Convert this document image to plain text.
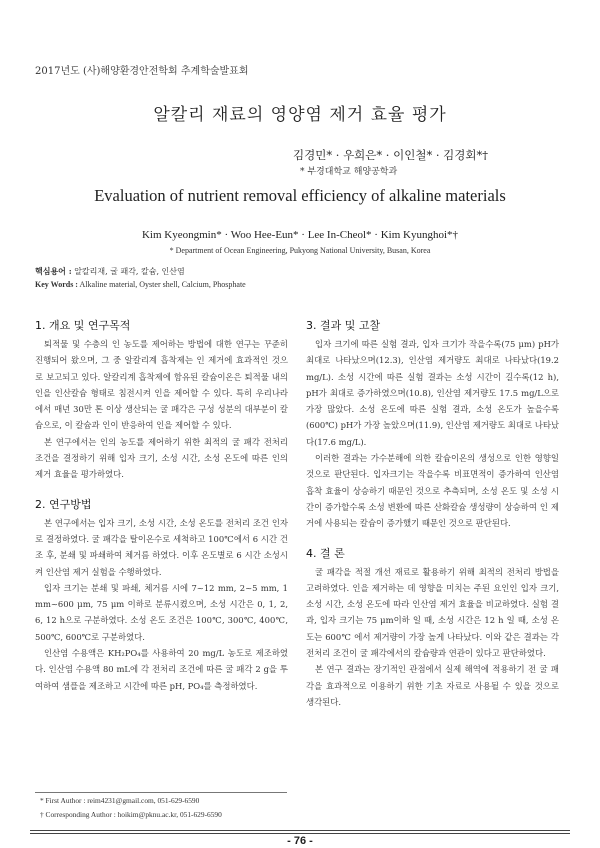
2017년도 (사)해양환경안전학회 추계학술발표회
알칼리 재료의 영양염 제거 효율 평가
김경민* · 우희은* · 이인철* · 김경회*†
* 부경대학교 해양공학과
Evaluation of nutrient removal efficiency of alkaline materials
Kim Kyeongmin* · Woo Hee-Eun* · Lee In-Cheol* · Kim Kyunghoi*†
* Department of Ocean Engineering, Pukyong National University, Busan, Korea
핵심용어 : 알칼리재, 굴 패각, 칼슘, 인산염
Key Words : Alkaline material, Oyster shell, Calcium, Phosphate
1. 개요 및 연구목적

퇴적물 및 수층의 인 농도를 제어하는 방법에 대한 연구는 꾸준히 진행되어 왔으며, 그 중 알칼리계 흡착제는 인 제거에 효과적인 것으로 보고되고 있다. 알칼리계 흡착제에 함유된 칼슘이온은 퇴적물 내의 인을 인산칼슘 형태로 침전시켜 인을 제어할 수 있다. 특히 우리나라에서 매년 30만 톤 이상 생산되는 굴 패각은 구성 성분의 대부분이 칼슘으로, 이 칼슘과 인이 반응하여 인을 제어할 수 있다.

본 연구에서는 인의 농도를 제어하기 위한 최적의 굴 패각 전처리 조건을 결정하기 위해 입자 크기, 소성 시간, 소성 온도에 따른 인의 제거 효율을 평가하였다.

2. 연구방법

본 연구에서는 입자 크기, 소성 시간, 소성 온도를 전처리 조건 인자로 결정하였다. 굴 패각을 탈이온수로 세척하고 100℃에서 6 시간 건조 후, 분쇄 및 파쇄하여 체거름 하였다. 이후 온도별로 6 시간 소성시켜 인산염 제거 실험을 수행하였다.

입자 크기는 분쇄 및 파쇄, 체거름 시에 7~12 mm, 2~5 mm, 1 mm~600 μm, 75 μm 이하로 분류시켰으며, 소성 시간은 0, 1, 2, 6, 12 h으로 구분하였다. 소성 온도 조건은 100℃, 300℃, 400℃, 500℃, 600℃로 구분하였다.

인산염 수용액은 KH₂PO₄를 사용하여 20 mg/L 농도로 제조하였다. 인산염 수용액 80 mL에 각 전처리 조건에 따른 굴 패각 2 g을 투여하여 샘플을 제조하고 시간에 따른 pH, PO₄를 측정하였다.

3. 결과 및 고찰

입자 크기에 따른 실험 결과, 입자 크기가 작을수록(75 μm) pH가 최대로 나타났으며(12.3), 인산염 제거량도 최대로 나타났다(19.2 mg/L). 소성 시간에 따른 실험 결과는 소성 시간이 길수록(12 h), pH가 최대로 증가하였으며(10.8), 인산염 제거량도 17.5 mg/L으로 가장 많았다. 소성 온도에 따른 실험 결과, 소성 온도가 높을수록(600℃) pH가 가장 높았으며(11.9), 인산염 제거량도 최대로 나타났다(17.6 mg/L).

이러한 결과는 가수분해에 의한 칼슘이온의 생성으로 인한 영향일 것으로 판단된다. 입자크기는 작을수록 비표면적이 증가하여 인산염 흡착 효율이 상승하기 때문인 것으로 추측되며, 소성 온도 및 소성 시간이 증가할수록 소성 변환에 따른 산화칼슘 생성량이 상승하여 인 제거에 사용되는 칼슘이 증가했기 때문인 것으로 판단된다.

4. 결 론

굴 패각을 적절 개선 재료로 활용하기 위해 최적의 전처리 방법을 고려하였다. 인을 제거하는 데 영향을 미치는 주된 요인인 입자 크기, 소성 시간, 소성 온도에 따라 인산염 제거 효율을 비교하였다. 실험 결과, 입자 크기는 75 μm이하 일 때, 소성 시간은 12 h 일 때, 소성 온도는 600℃ 에서 제거량이 가장 높게 나타났다. 이와 같은 결과는 각 전처리 조건이 굴 패각에서의 칼슘량과 연관이 있다고 판단하였다.

본 연구 결과는 장기적인 관점에서 실제 해역에 적용하기 전 굴 패각을 효과적으로 이용하기 위한 기초 자료로 사용될 수 있을 것으로 생각된다.

* First Author : reim4231@gmail.com, 051-629-6590
† Corresponding Author : hoikim@pknu.ac.kr, 051-629-6590
- 76 -
